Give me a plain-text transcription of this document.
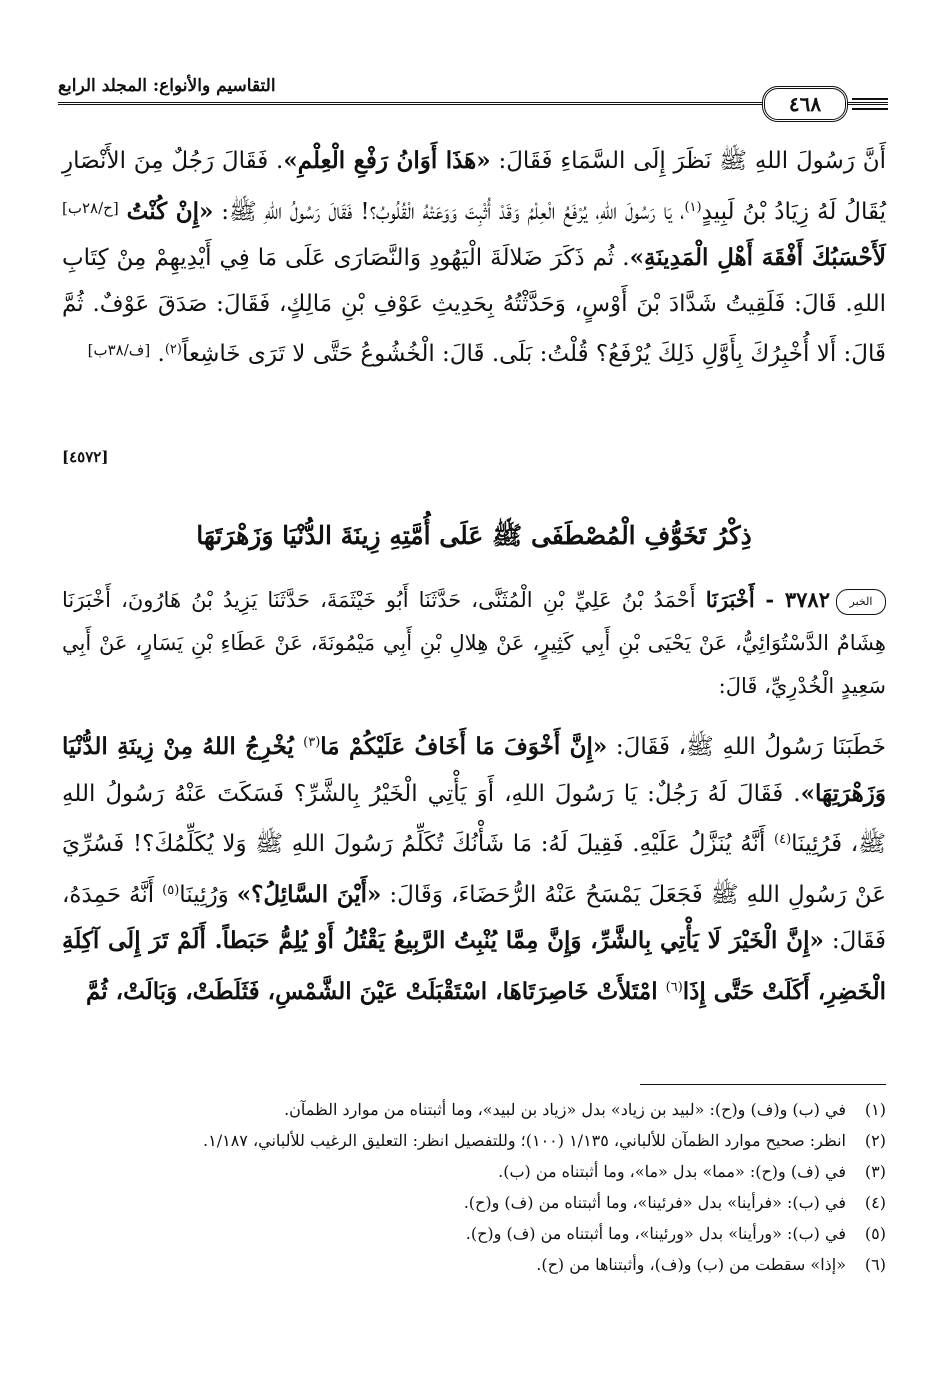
التقاسيم والأنواع: المجلد الرابع
٤٦٨
أَنَّ رَسُولَ اللهِ ﷺ نَظَرَ إِلَى السَّمَاءِ فَقَالَ: «هَذَا أَوَانُ رَفْعِ الْعِلْمِ». فَقَالَ رَجُلٌ مِنَ الأَنْصَارِ يُقَالُ لَهُ زِيَادُ بْنُ لَبِيدٍ$^{(١)}$، يَا رَسُولَ اللهِ، يُرْفَعُ الْعِلْمُ وَقَدْ أُثْبِتَ وَوَعَتْهُ الْقُلُوبُ؟! فَقَالَ رَسُولُ اللهِ ﷺ: «إِنْ كُنْتُ [ح/٢٨ب] لَأَحْسَبُكَ أَفْقَهَ أَهْلِ الْمَدِينَةِ». ثُم ذَكَرَ ضَلالَةَ الْيَهُودِ وَالنَّصَارَى عَلَى مَا فِي أَيْدِيهِمْ مِنْ كِتَابِ اللهِ. قَالَ: فَلَقِيتُ شَدَّادَ بْنَ أَوْسٍ، وَحَدَّثْتُهُ بِحَدِيثِ عَوْفِ بْنِ مَالِكٍ، فَقَالَ: صَدَقَ عَوْفٌ. ثُمَّ قَالَ: أَلا أُخْبِرُكَ بِأَوَّلِ ذَلِكَ يُرْفَعُ؟ قُلْتُ: بَلَى. قَالَ: الْخُشُوعُ حَتَّى لا تَرَى خَاشِعاً$^{(٢)}$. [ف/٣٨ب]
[٤٥٧٢]
ذِكْرُ تَخَوُّفِ الْمُصْطَفَى ﷺ عَلَى أُمَّتِهِ زِينَةَ الدُّنْيَا وَزَهْرَتَهَا
الخبر٣٧٨٢ - أَخْبَرَنَا أَحْمَدُ بْنُ عَلِيِّ بْنِ الْمُثَنَّى، حَدَّثَنَا أَبُو خَيْثَمَةَ، حَدَّثَنَا يَزِيدُ بْنُ هَارُونَ، أَخْبَرَنَا هِشَامٌ الدَّسْتُوَائِيُّ، عَنْ يَحْيَى بْنِ أَبِي كَثِيرٍ، عَنْ هِلالِ بْنِ أَبِي مَيْمُونَةَ، عَنْ عَطَاءِ بْنِ يَسَارٍ، عَنْ أَبِي سَعِيدٍ الْخُدْرِيِّ، قَالَ:
خَطَبَنَا رَسُولُ اللهِ ﷺ، فَقَالَ: «إِنَّ أَخْوَفَ مَا أَخَافُ عَلَيْكُمْ مَا$^{(٣)}$ يُخْرِجُ اللهُ مِنْ زِينَةِ الدُّنْيَا وَزَهْرَتِهَا». فَقَالَ لَهُ رَجُلٌ: يَا رَسُولَ اللهِ، أَوَ يَأْتِي الْخَيْرُ بِالشَّرِّ؟ فَسَكَتَ عَنْهُ رَسُولُ اللهِ ﷺ، فَرُئِينَا$^{(٤)}$ أَنَّهُ يُنَزَّلُ عَلَيْهِ. فَقِيلَ لَهُ: مَا شَأْنُكَ تُكَلِّمُ رَسُولَ اللهِ ﷺ وَلا يُكَلِّمُكَ؟! فَسُرِّيَ عَنْ رَسُولِ اللهِ ﷺ فَجَعَلَ يَمْسَحُ عَنْهُ الرُّحَضَاءَ، وَقَالَ: «أَيْنَ السَّائِلُ؟» وَرُئِينَا$^{(٥)}$ أَنَّهُ حَمِدَهُ، فَقَالَ: «إِنَّ الْخَيْرَ لَا يَأْتِي بِالشَّرِّ، وَإِنَّ مِمَّا يُنْبِتُ الرَّبِيعُ يَقْتُلُ أَوْ يُلِمُّ حَبَطاً. أَلَمْ تَرَ إِلَى آكِلَةِ الْخَضِرِ، أَكَلَتْ حَتَّى إِذَا$^{(٦)}$ امْتَلأَتْ خَاصِرَتَاهَا، اسْتَقْبَلَتْ عَيْنَ الشَّمْسِ، فَثَلَطَتْ، وَبَالَتْ، ثُمَّ
(١)
في (ب) و(ف) و(ح): «لبيد بن زياد» بدل «زياد بن لبيد»، وما أثبتناه من موارد الظمآن.
(٢)
انظر: صحيح موارد الظمآن للألباني، ١/١٣٥ (١٠٠)؛ وللتفصيل انظر: التعليق الرغيب للألباني، ١/١٨٧.
(٣)
في (ف) و(ح): «مما» بدل «ما»، وما أثبتناه من (ب).
(٤)
في (ب): «فرأينا» بدل «فرئينا»، وما أثبتناه من (ف) و(ح).
(٥)
في (ب): «ورأينا» بدل «ورئينا»، وما أثبتناه من (ف) و(ح).
(٦)
«إذا» سقطت من (ب) و(ف)، وأثبتناها من (ح).
